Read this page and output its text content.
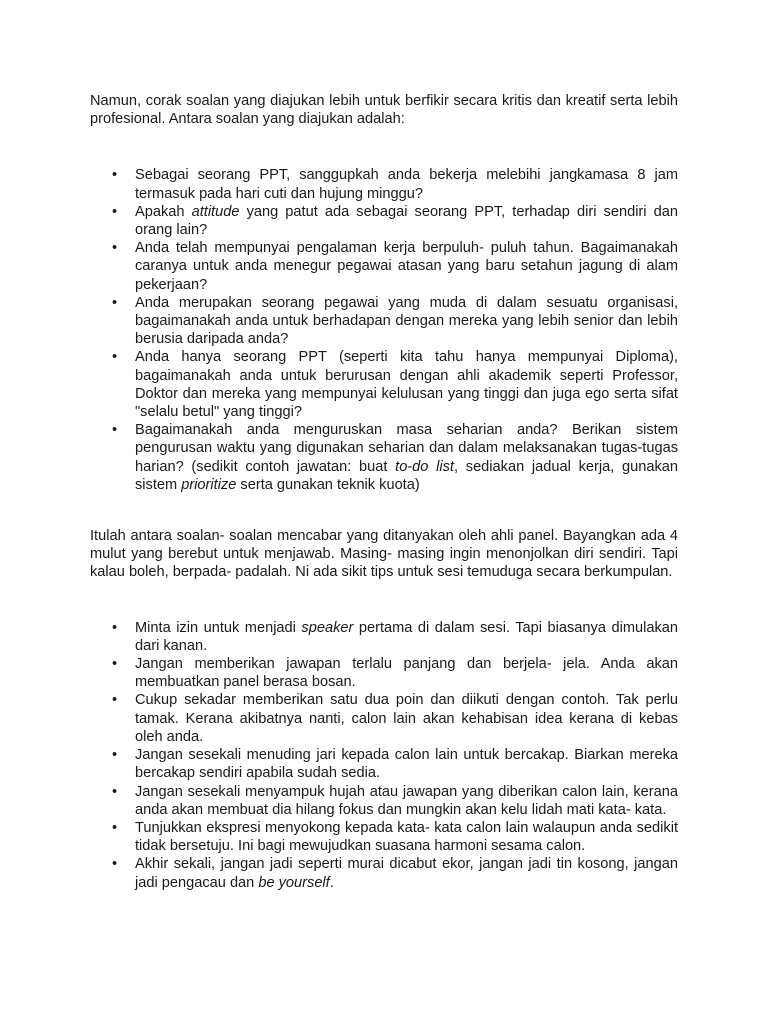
Namun, corak soalan yang diajukan lebih untuk berfikir secara kritis dan kreatif serta lebih profesional. Antara soalan yang diajukan adalah:

• Sebagai seorang PPT, sanggupkah anda bekerja melebihi jangkamasa 8 jam termasuk pada hari cuti dan hujung minggu?
• Apakah attitude yang patut ada sebagai seorang PPT, terhadap diri sendiri dan orang lain?
• Anda telah mempunyai pengalaman kerja berpuluh- puluh tahun. Bagaimanakah caranya untuk anda menegur pegawai atasan yang baru setahun jagung di alam pekerjaan?
• Anda merupakan seorang pegawai yang muda di dalam sesuatu organisasi, bagaimanakah anda untuk berhadapan dengan mereka yang lebih senior dan lebih berusia daripada anda?
• Anda hanya seorang PPT (seperti kita tahu hanya mempunyai Diploma), bagaimanakah anda untuk berurusan dengan ahli akademik seperti Professor, Doktor dan mereka yang mempunyai kelulusan yang tinggi dan juga ego serta sifat "selalu betul" yang tinggi?
• Bagaimanakah anda menguruskan masa seharian anda? Berikan sistem pengurusan waktu yang digunakan seharian dan dalam melaksanakan tugas-tugas harian? (sedikit contoh jawatan: buat to-do list, sediakan jadual kerja, gunakan sistem prioritize serta gunakan teknik kuota)

Itulah antara soalan- soalan mencabar yang ditanyakan oleh ahli panel. Bayangkan ada 4 mulut yang berebut untuk menjawab. Masing- masing ingin menonjolkan diri sendiri. Tapi kalau boleh, berpada- padalah. Ni ada sikit tips untuk sesi temuduga secara berkumpulan.

• Minta izin untuk menjadi speaker pertama di dalam sesi. Tapi biasanya dimulakan dari kanan.
• Jangan memberikan jawapan terlalu panjang dan berjela- jela. Anda akan membuatkan panel berasa bosan.
• Cukup sekadar memberikan satu dua poin dan diikuti dengan contoh. Tak perlu tamak. Kerana akibatnya nanti, calon lain akan kehabisan idea kerana di kebas oleh anda.
• Jangan sesekali menuding jari kepada calon lain untuk bercakap. Biarkan mereka bercakap sendiri apabila sudah sedia.
• Jangan sesekali menyampuk hujah atau jawapan yang diberikan calon lain, kerana anda akan membuat dia hilang fokus dan mungkin akan kelu lidah mati kata- kata.
• Tunjukkan ekspresi menyokong kepada kata- kata calon lain walaupun anda sedikit tidak bersetuju. Ini bagi mewujudkan suasana harmoni sesama calon.
• Akhir sekali, jangan jadi seperti murai dicabut ekor, jangan jadi tin kosong, jangan jadi pengacau dan be yourself.
